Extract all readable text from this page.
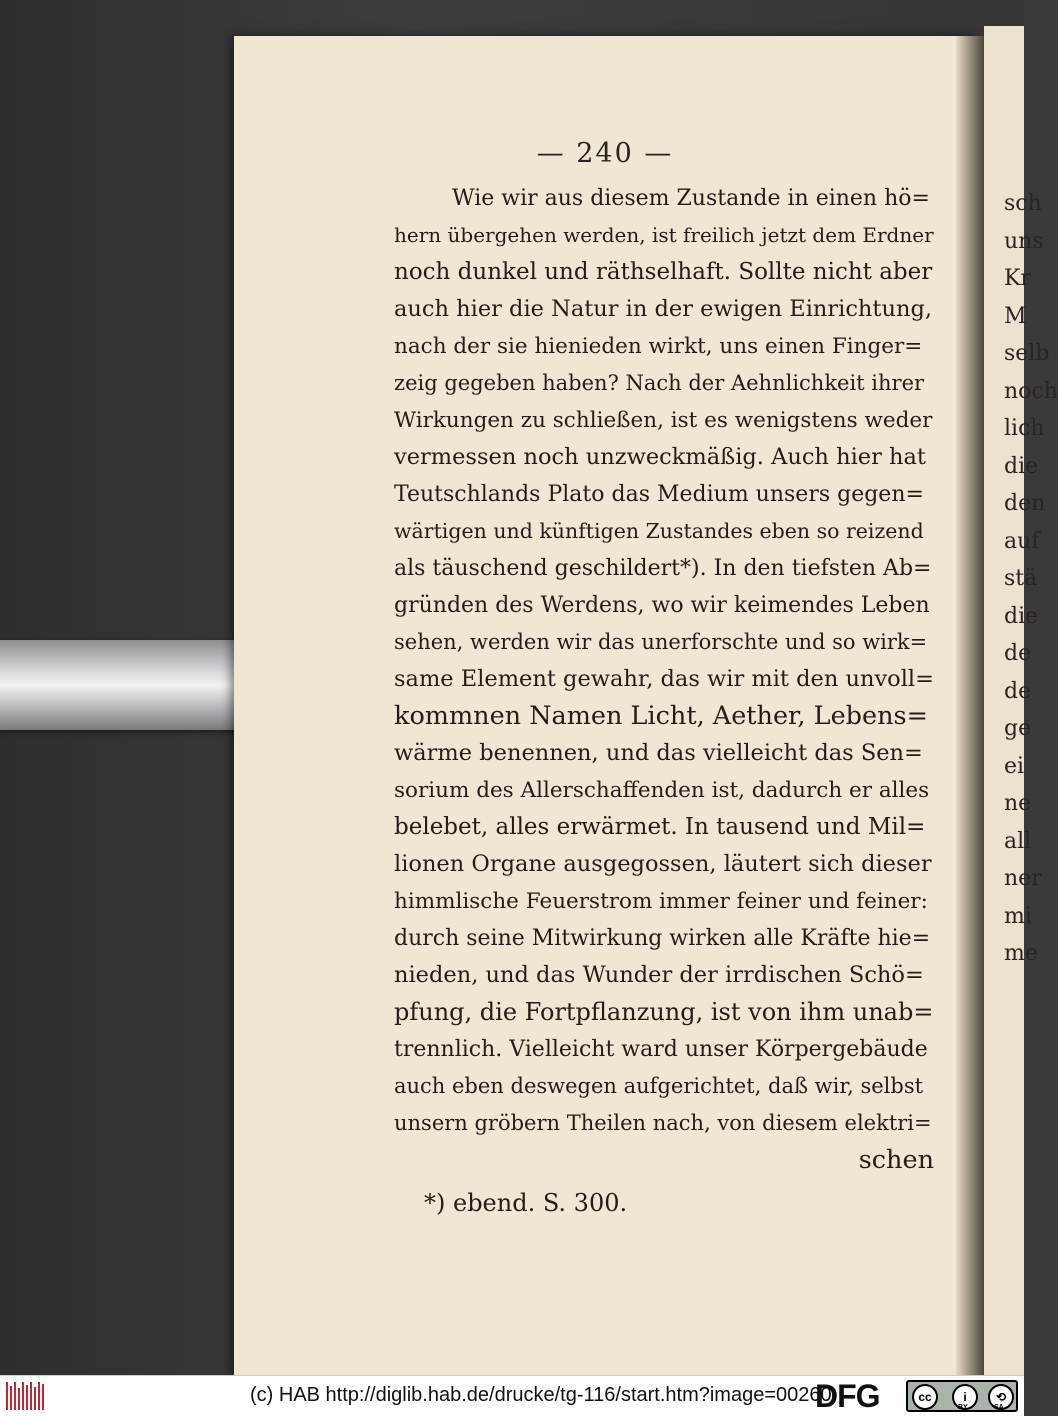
— 240 —
Wie wir aus diesem Zustande in einen hö=
hern übergehen werden, ist freilich jetzt dem Erdner
noch dunkel und räthselhaft. Sollte nicht aber
auch hier die Natur in der ewigen Einrichtung,
nach der sie hienieden wirkt, uns einen Finger=
zeig gegeben haben? Nach der Aehnlichkeit ihrer
Wirkungen zu schließen, ist es wenigstens weder
vermessen noch unzweckmäßig. Auch hier hat
Teutschlands Plato das Medium unsers gegen=
wärtigen und künftigen Zustandes eben so reizend
als täuschend geschildert*). In den tiefsten Ab=
gründen des Werdens, wo wir keimendes Leben
sehen, werden wir das unerforschte und so wirk=
same Element gewahr, das wir mit den unvoll=
kommnen Namen Licht, Aether, Lebens=
wärme benennen, und das vielleicht das Sen=
sorium des Allerschaffenden ist, dadurch er alles
belebet, alles erwärmet. In tausend und Mil=
lionen Organe ausgegossen, läutert sich dieser
himmlische Feuerstrom immer feiner und feiner:
durch seine Mitwirkung wirken alle Kräfte hie=
nieden, und das Wunder der irrdischen Schö=
pfung, die Fortpflanzung, ist von ihm unab=
trennlich. Vielleicht ward unser Körpergebäude
auch eben deswegen aufgerichtet, daß wir, selbst
unsern gröbern Theilen nach, von diesem elektri=
schen
*) ebend. S. 300.
sch
uns
Kr
M
selb
noch
lich
die
den
auf
stä
die
de
de
ge
ei
ne
all
ner
mi
me
(c) HAB http://diglib.hab.de/drucke/tg-116/start.htm?image=00260
DFG	cc	i	⟲
BY	SA
